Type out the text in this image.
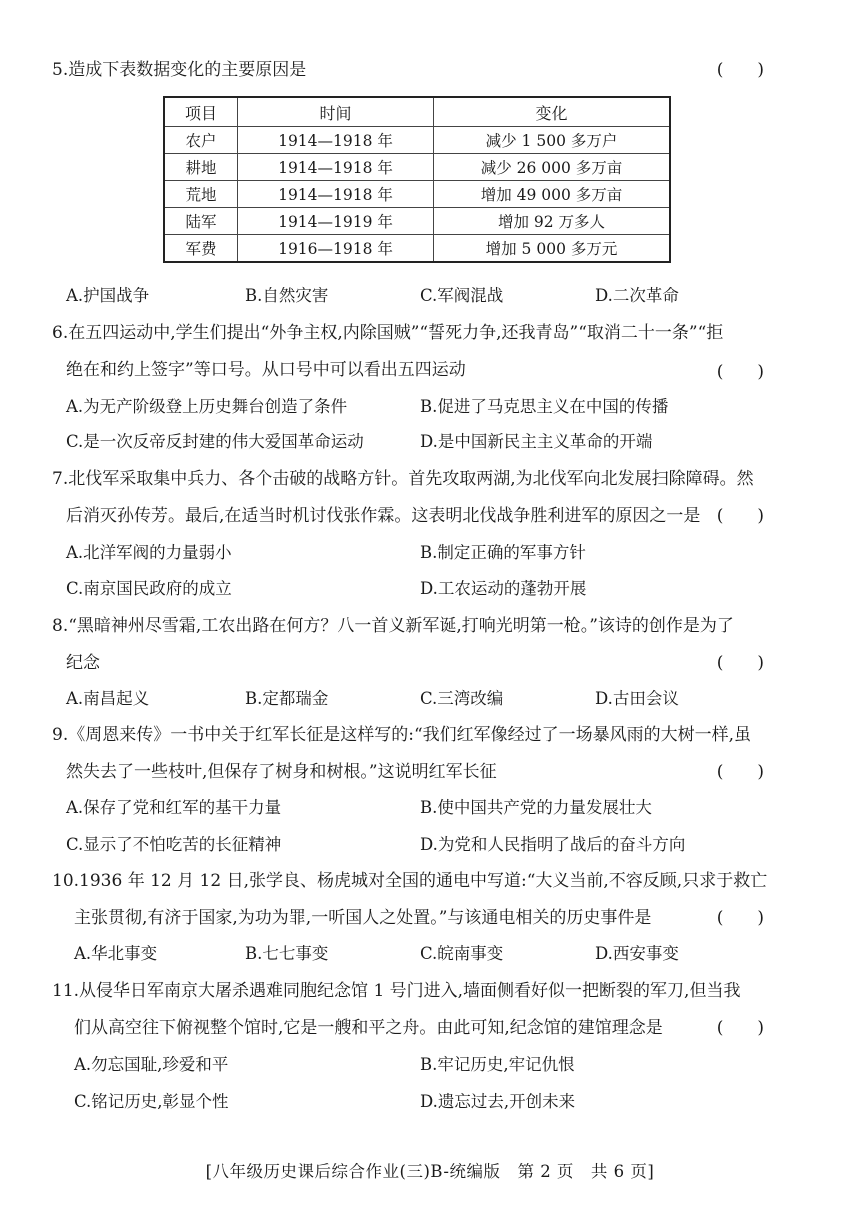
5.造成下表数据变化的主要原因是	(　　)
项目	时间	变化
农户	1914—1918 年	减少 1 500 多万户
耕地	1914—1918 年	减少 26 000 多万亩
荒地	1914—1918 年	增加 49 000 多万亩
陆军	1914—1919 年	增加 92 万多人
军费	1916—1918 年	增加 5 000 多万元
A.护国战争	B.自然灾害	C.军阀混战	D.二次革命
6.在五四运动中,学生们提出“外争主权,内除国贼”“誓死力争,还我青岛”“取消二十一条”“拒
绝在和约上签字”等口号。从口号中可以看出五四运动	(　　)
A.为无产阶级登上历史舞台创造了条件	B.促进了马克思主义在中国的传播
C.是一次反帝反封建的伟大爱国革命运动	D.是中国新民主主义革命的开端
7.北伐军采取集中兵力、各个击破的战略方针。首先攻取两湖,为北伐军向北发展扫除障碍。然
后消灭孙传芳。最后,在适当时机讨伐张作霖。这表明北伐战争胜利进军的原因之一是 (　　)
A.北洋军阀的力量弱小	B.制定正确的军事方针
C.南京国民政府的成立	D.工农运动的蓬勃开展
8.“黑暗神州尽雪霜,工农出路在何方？八一首义新军诞,打响光明第一枪。”该诗的创作是为了
纪念	(　　)
A.南昌起义	B.定都瑞金	C.三湾改编	D.古田会议
9.《周恩来传》一书中关于红军长征是这样写的:“我们红军像经过了一场暴风雨的大树一样,虽
然失去了一些枝叶,但保存了树身和树根。”这说明红军长征	(　　)
A.保存了党和红军的基干力量	B.使中国共产党的力量发展壮大
C.显示了不怕吃苦的长征精神	D.为党和人民指明了战后的奋斗方向
10.1936 年 12 月 12 日,张学良、杨虎城对全国的通电中写道:“大义当前,不容反顾,只求于救亡
主张贯彻,有济于国家,为功为罪,一听国人之处置。”与该通电相关的历史事件是	(　　)
A.华北事变	B.七七事变	C.皖南事变	D.西安事变
11.从侵华日军南京大屠杀遇难同胞纪念馆 1 号门进入,墙面侧看好似一把断裂的军刀,但当我
们从高空往下俯视整个馆时,它是一艘和平之舟。由此可知,纪念馆的建馆理念是	(　　)
A.勿忘国耻,珍爱和平	B.牢记历史,牢记仇恨
C.铭记历史,彰显个性	D.遗忘过去,开创未来
[八年级历史课后综合作业(三)B-统编版　第 2 页　共 6 页]
